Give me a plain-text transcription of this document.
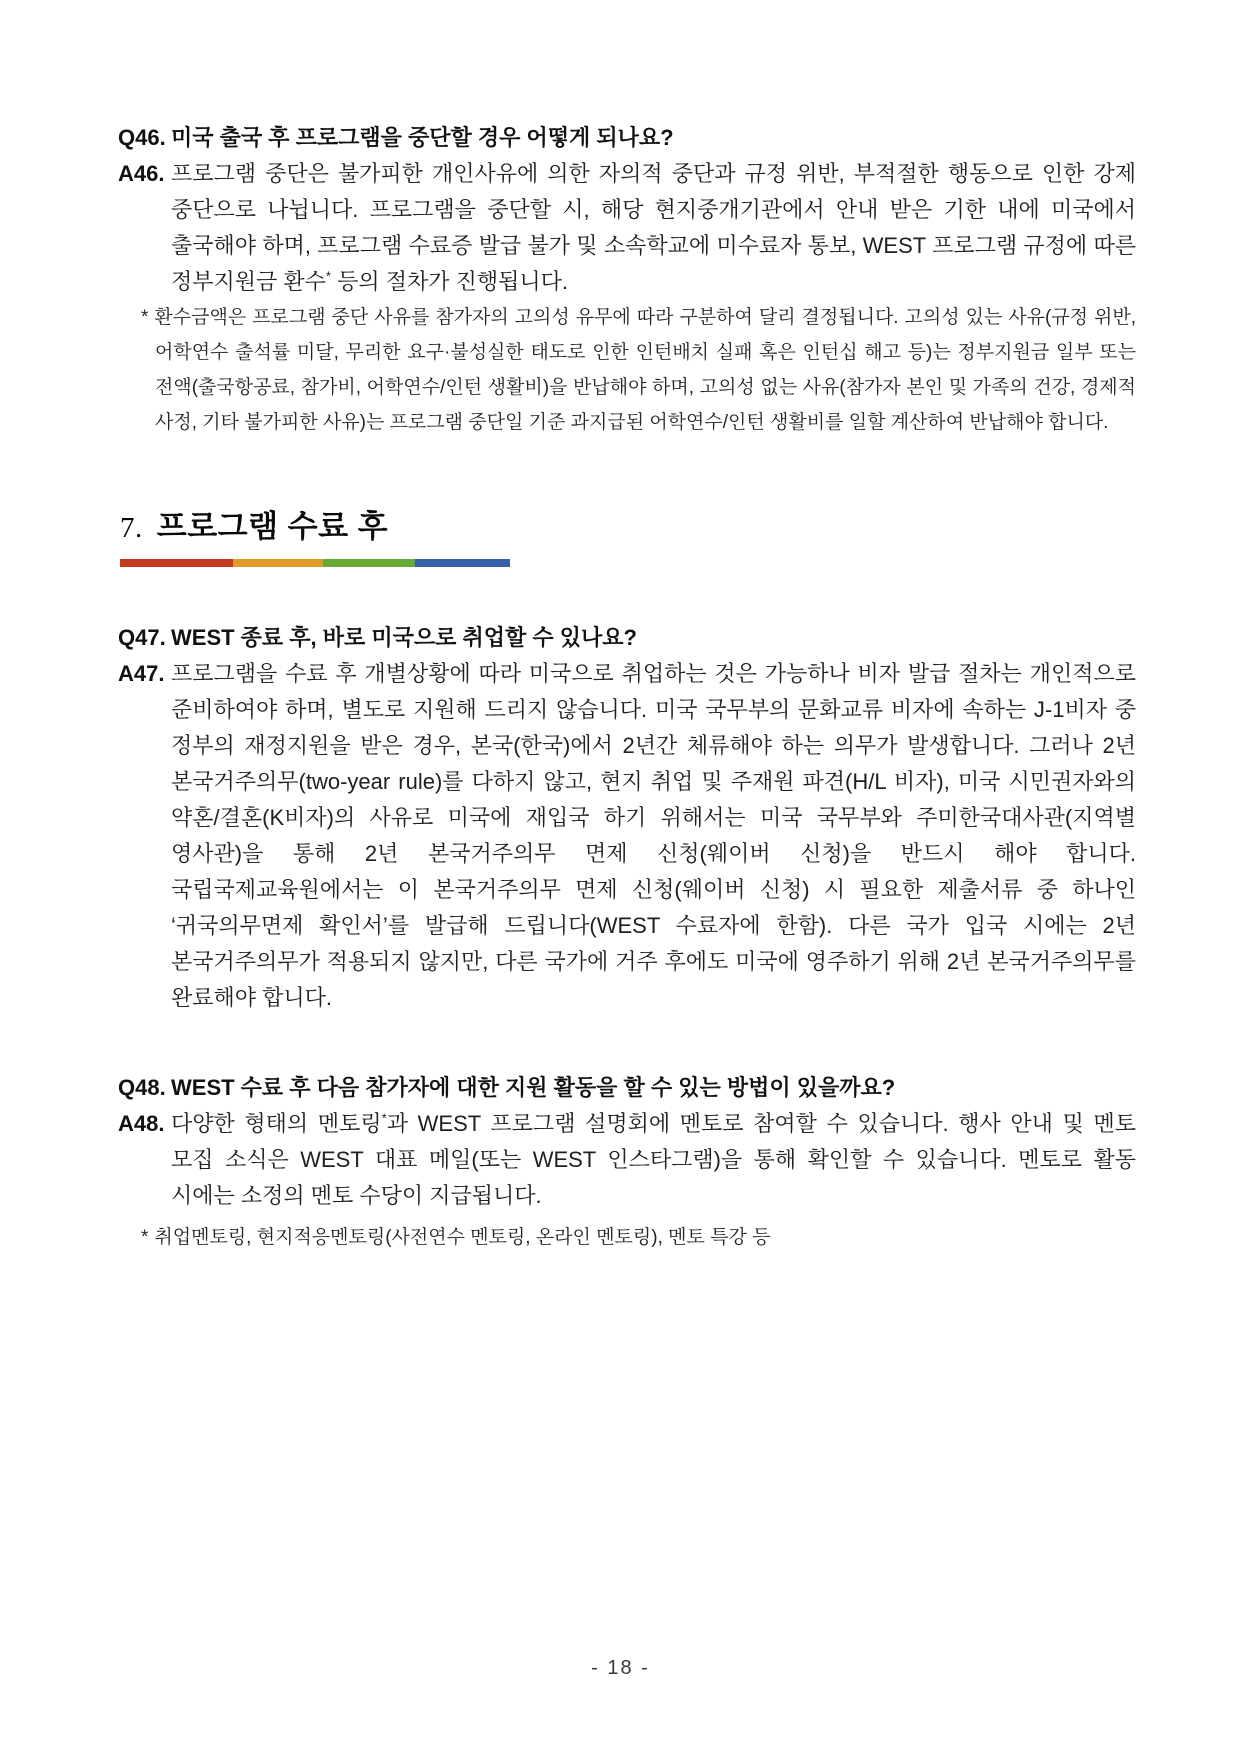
Q46. 미국 출국 후 프로그램을 중단할 경우 어떻게 되나요?

A46. 프로그램 중단은 불가피한 개인사유에 의한 자의적 중단과 규정 위반, 부적절한 행동으로 인한 강제 중단으로 나뉩니다. 프로그램을 중단할 시, 해당 현지중개기관에서 안내 받은 기한 내에 미국에서 출국해야 하며, 프로그램 수료증 발급 불가 및 소속학교에 미수료자 통보, WEST 프로그램 규정에 따른 정부지원금 환수* 등의 절차가 진행됩니다.

* 환수금액은 프로그램 중단 사유를 참가자의 고의성 유무에 따라 구분하여 달리 결정됩니다. 고의성 있는 사유(규정 위반, 어학연수 출석률 미달, 무리한 요구·불성실한 태도로 인한 인턴배치 실패 혹은 인턴십 해고 등)는 정부지원금 일부 또는 전액(출국항공료, 참가비, 어학연수/인턴 생활비)을 반납해야 하며, 고의성 없는 사유(참가자 본인 및 가족의 건강, 경제적 사정, 기타 불가피한 사유)는 프로그램 중단일 기준 과지급된 어학연수/인턴 생활비를 일할 계산하여 반납해야 합니다.

7. 프로그램 수료 후
Q47. WEST 종료 후, 바로 미국으로 취업할 수 있나요?

A47. 프로그램을 수료 후 개별상황에 따라 미국으로 취업하는 것은 가능하나 비자 발급 절차는 개인적으로 준비하여야 하며, 별도로 지원해 드리지 않습니다. 미국 국무부의 문화교류 비자에 속하는 J-1비자 중 정부의 재정지원을 받은 경우, 본국(한국)에서 2년간 체류해야 하는 의무가 발생합니다. 그러나 2년 본국거주의무(two-year rule)를 다하지 않고, 현지 취업 및 주재원 파견(H/L 비자), 미국 시민권자와의 약혼/결혼(K비자)의 사유로 미국에 재입국 하기 위해서는 미국 국무부와 주미한국대사관(지역별 영사관)을 통해 2년 본국거주의무 면제 신청(웨이버 신청)을 반드시 해야 합니다. 국립국제교육원에서는 이 본국거주의무 면제 신청(웨이버 신청) 시 필요한 제출서류 중 하나인 ‘귀국의무면제 확인서’를 발급해 드립니다(WEST 수료자에 한함). 다른 국가 입국 시에는 2년 본국거주의무가 적용되지 않지만, 다른 국가에 거주 후에도 미국에 영주하기 위해 2년 본국거주의무를 완료해야 합니다.

Q48. WEST 수료 후 다음 참가자에 대한 지원 활동을 할 수 있는 방법이 있을까요?

A48. 다양한 형태의 멘토링*과 WEST 프로그램 설명회에 멘토로 참여할 수 있습니다. 행사 안내 및 멘토 모집 소식은 WEST 대표 메일(또는 WEST 인스타그램)을 통해 확인할 수 있습니다. 멘토로 활동 시에는 소정의 멘토 수당이 지급됩니다.

* 취업멘토링, 현지적응멘토링(사전연수 멘토링, 온라인 멘토링), 멘토 특강 등

- 18 -
